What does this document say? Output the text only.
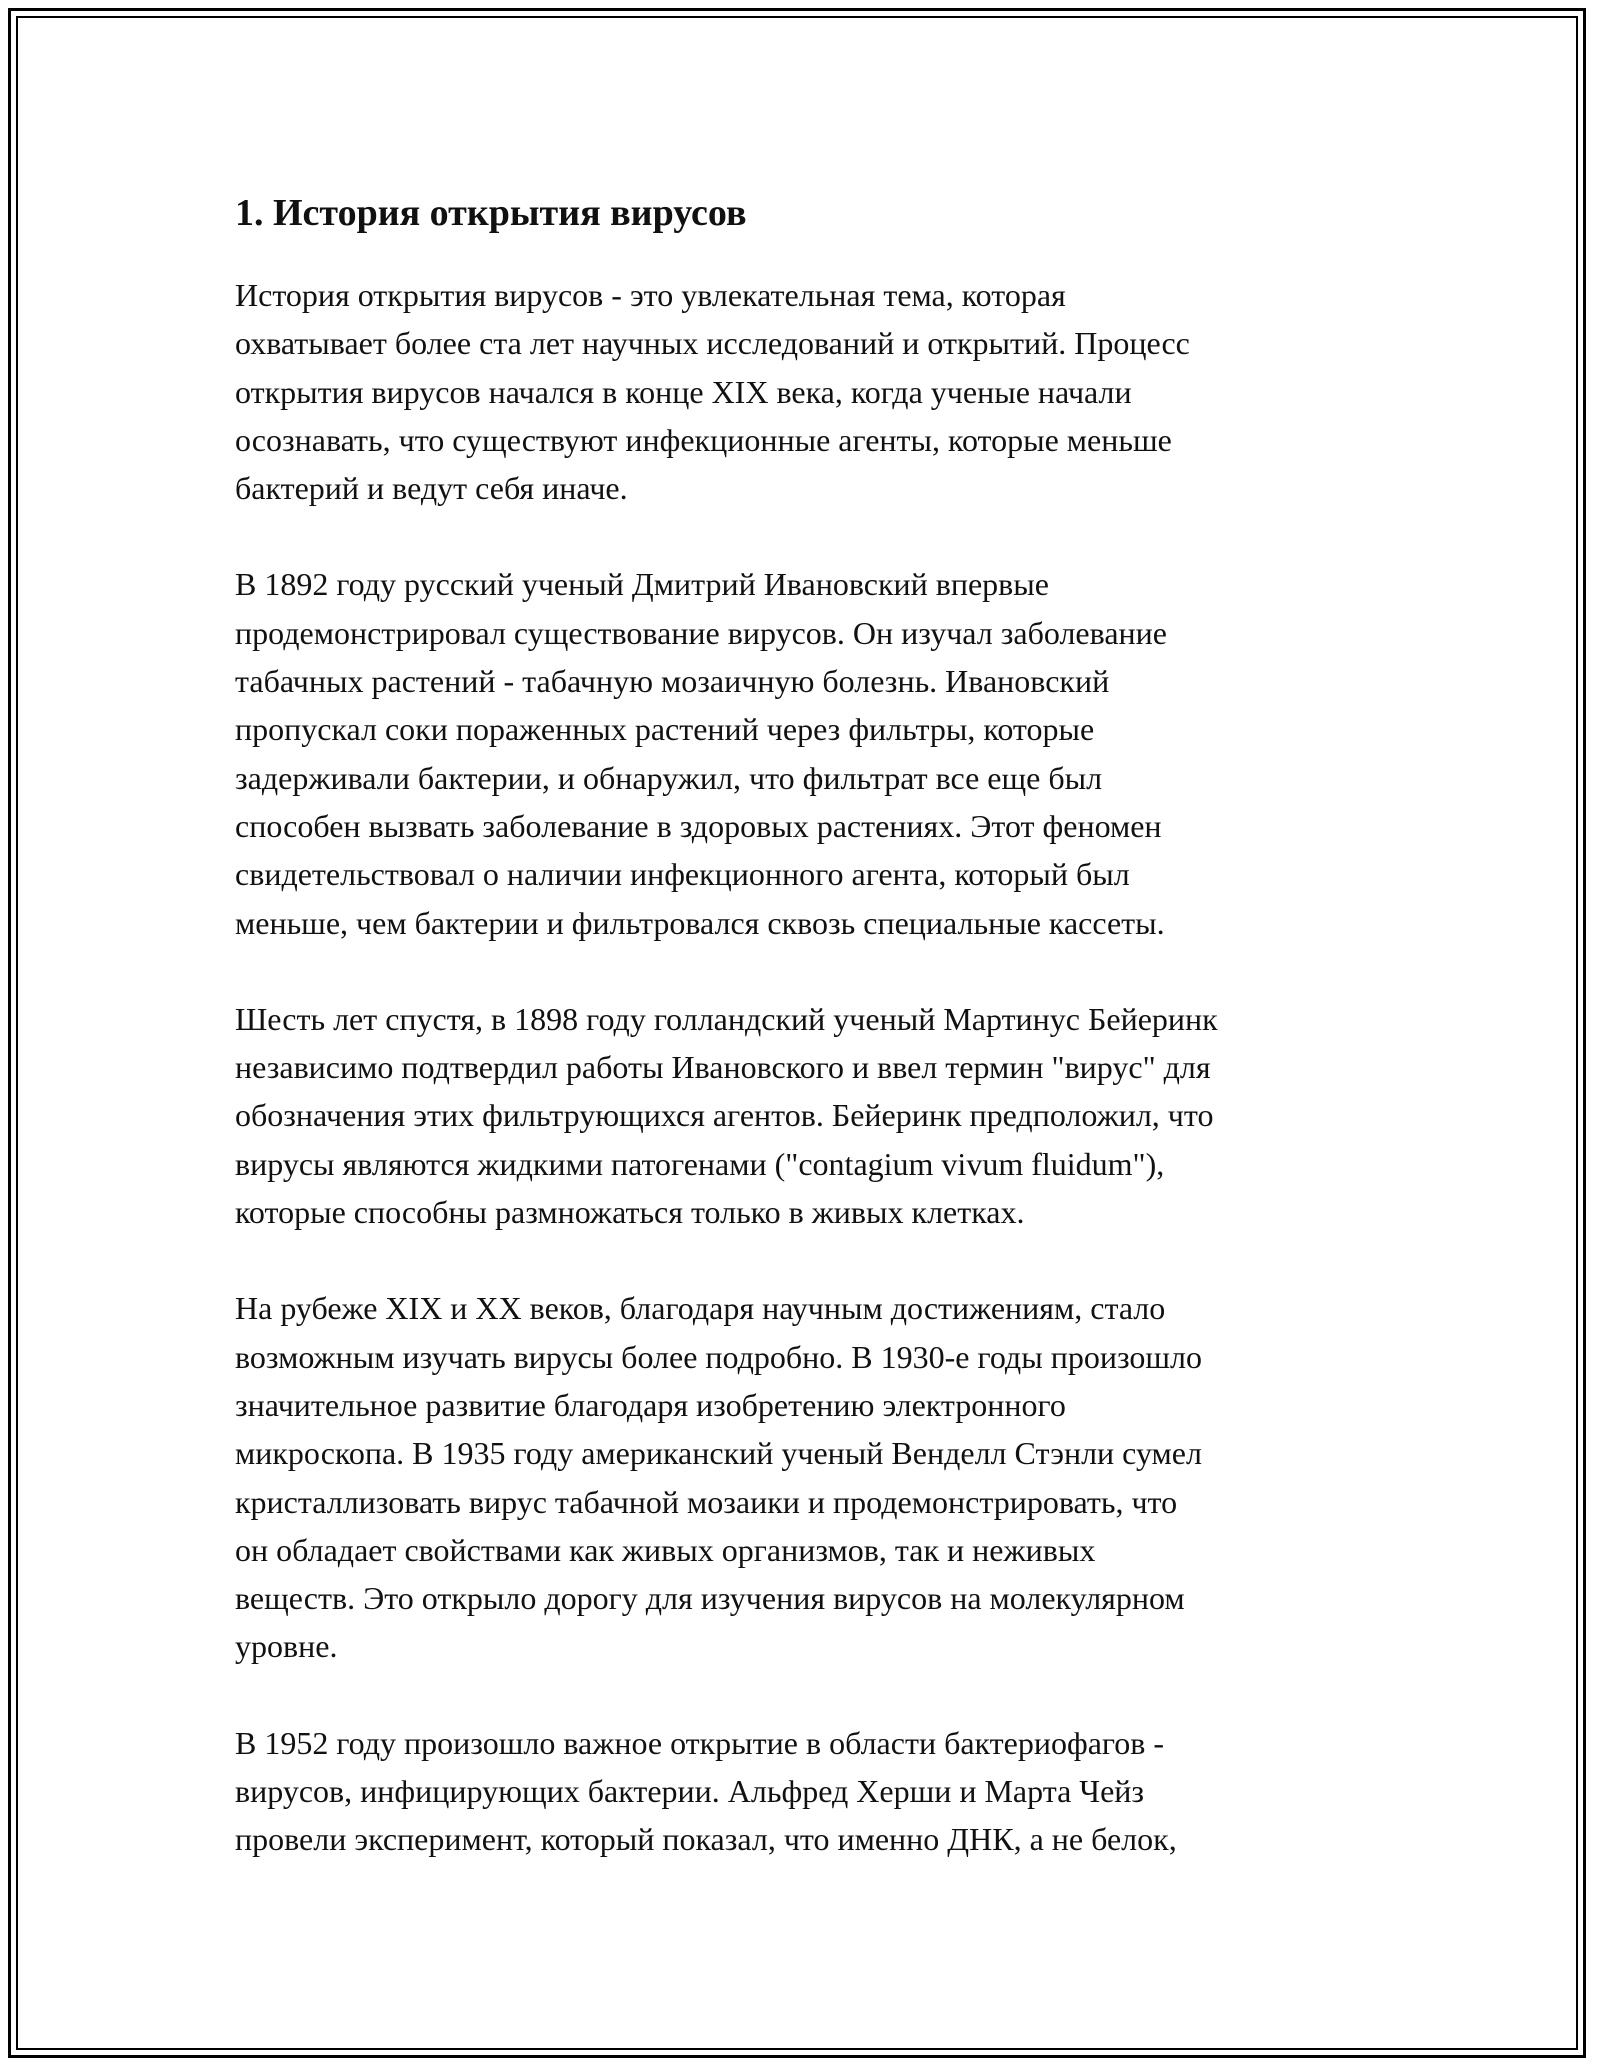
1. История открытия вирусов

История открытия вирусов - это увлекательная тема, которая
охватывает более ста лет научных исследований и открытий. Процесс
открытия вирусов начался в конце XIX века, когда ученые начали
осознавать, что существуют инфекционные агенты, которые меньше
бактерий и ведут себя иначе.

В 1892 году русский ученый Дмитрий Ивановский впервые
продемонстрировал существование вирусов. Он изучал заболевание
табачных растений - табачную мозаичную болезнь. Ивановский
пропускал соки пораженных растений через фильтры, которые
задерживали бактерии, и обнаружил, что фильтрат все еще был
способен вызвать заболевание в здоровых растениях. Этот феномен
свидетельствовал о наличии инфекционного агента, который был
меньше, чем бактерии и фильтровался сквозь специальные кассеты.

Шесть лет спустя, в 1898 году голландский ученый Мартинус Бейеринк
независимо подтвердил работы Ивановского и ввел термин "вирус" для
обозначения этих фильтрующихся агентов. Бейеринк предположил, что
вирусы являются жидкими патогенами ("contagium vivum fluidum"),
которые способны размножаться только в живых клетках.

На рубеже XIX и XX веков, благодаря научным достижениям, стало
возможным изучать вирусы более подробно. В 1930-е годы произошло
значительное развитие благодаря изобретению электронного
микроскопа. В 1935 году американский ученый Венделл Стэнли сумел
кристаллизовать вирус табачной мозаики и продемонстрировать, что
он обладает свойствами как живых организмов, так и неживых
веществ. Это открыло дорогу для изучения вирусов на молекулярном
уровне.

В 1952 году произошло важное открытие в области бактериофагов -
вирусов, инфицирующих бактерии. Альфред Херши и Марта Чейз
провели эксперимент, который показал, что именно ДНК, а не белок,
